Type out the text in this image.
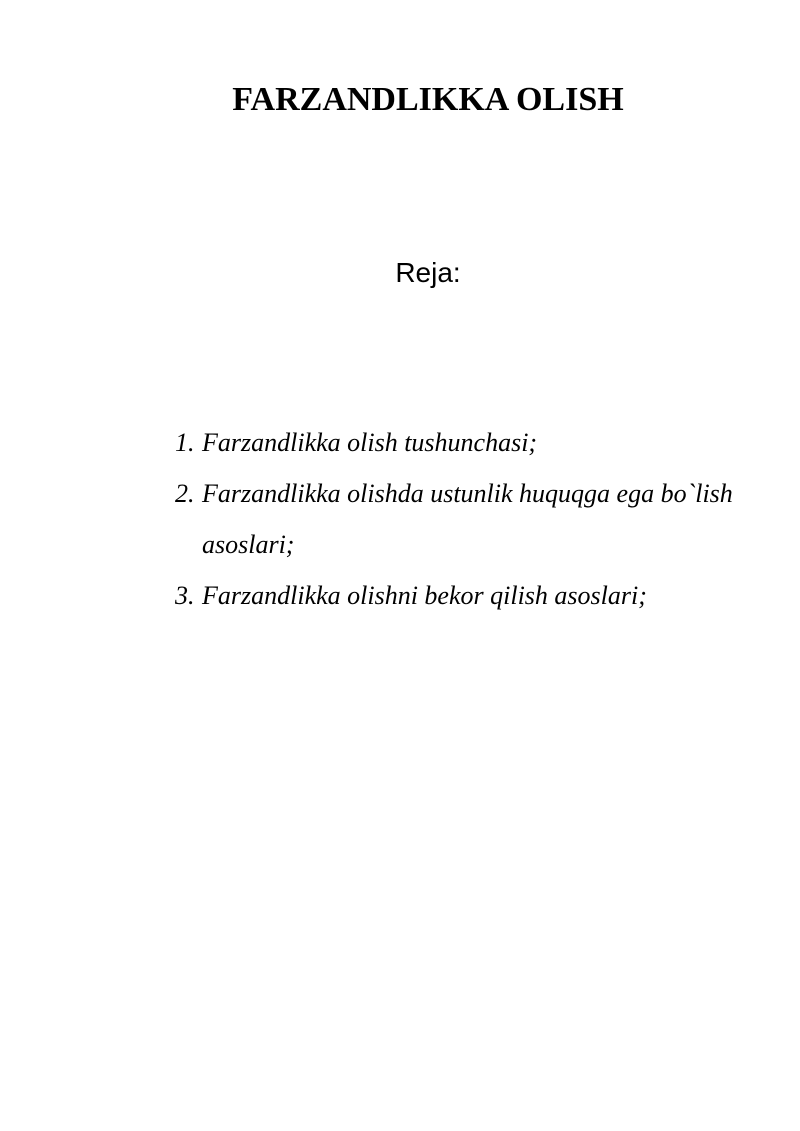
FARZANDLIKKA OLISH
Reja:
1. Farzandlikka olish tushunchasi;
2. Farzandlikka olishda ustunlik huquqga ega bo`lish asoslari;
3. Farzandlikka olishni bekor qilish asoslari;
